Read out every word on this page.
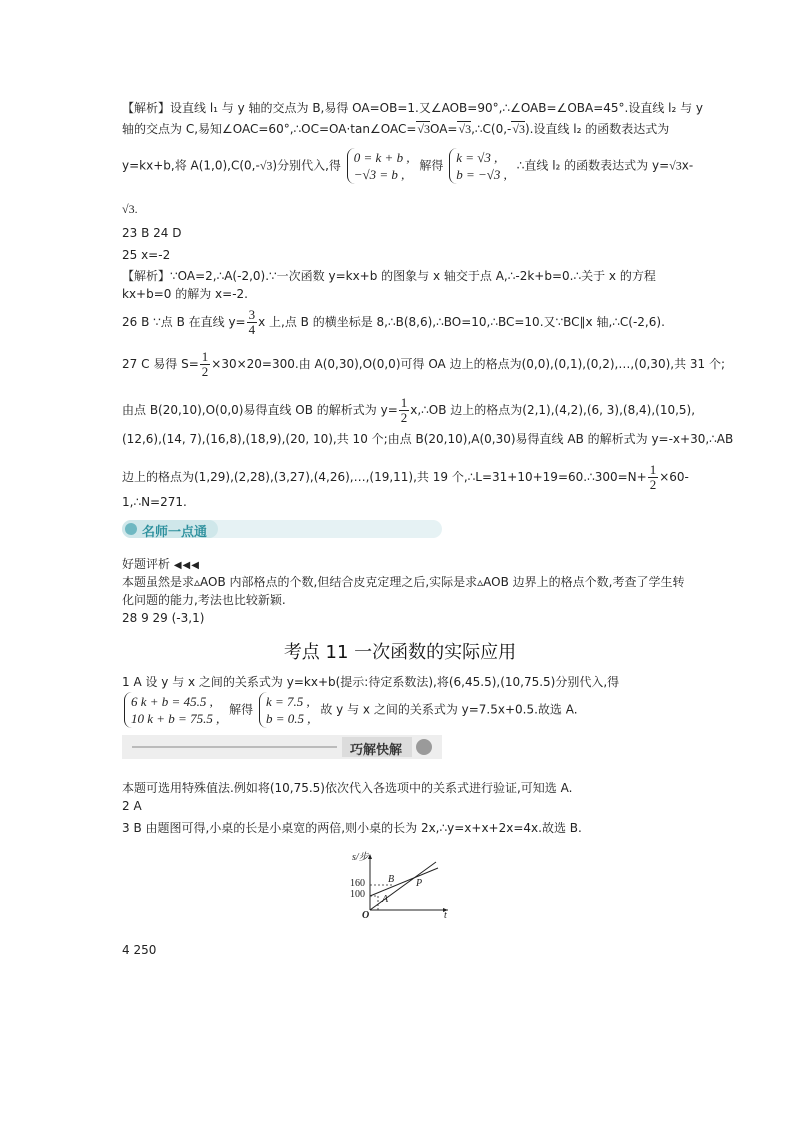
【解析】设直线 l₁ 与 y 轴的交点为 B,易得 OA=OB=1.又∠AOB=90°,∴∠OAB=∠OBA=45°.设直线 l₂ 与 y
轴的交点为 C,易知∠OAC=60°,∴OC=OA·tan∠OAC=√3OA=√3,∴C(0,-√3).设直线 l₂ 的函数表达式为
y=kx+b,将 A(1,0),C(0,-√3)分别代入,得
0 = k + b ,
−√3 = b ,
解得
k = √3 ,
b = −√3 ,
∴直线 l₂ 的函数表达式为 y=√3x-
√3.
23 B 24 D
25 x=-2
【解析】∵OA=2,∴A(-2,0).∵一次函数 y=kx+b 的图象与 x 轴交于点 A,∴-2k+b=0.∴关于 x 的方程
kx+b=0 的解为 x=-2.
26 B ∵点 B 在直线 $y= \frac{3}{4}$ x 上,点 B 的横坐标是 8,∴B(8,6),∴BO=10,∴BC=10.又∵BC∥x 轴,∴C(-2,6).
27 C 易得 $S= \frac{1}{2} \times 30\times 20=300$.由 A(0,30),O(0,0)可得 OA 边上的格点为(0,0),(0,1),(0,2),…,(0,30),共 31 个;
由点 B(20,10),O(0,0)易得直线 OB 的解析式为 $y= \frac{1}{2}$ x,∴OB 边上的格点为(2,1),(4,2),(6, 3),(8,4),(10,5),
(12,6),(14, 7),(16,8),(18,9),(20, 10),共 10 个;由点 B(20,10),A(0,30)易得直线 AB 的解析式为 y=-x+30,∴AB
边上的格点为(1,29),(2,28),(3,27),(4,26),…,(19,11),共 19 个,∴L=31+10+19=60.∴300=N+ $\frac{1}{2} \times 60-$
1,∴N=271.
名师一点通
好题评析 ◀◀◀
本题虽然是求▵AOB 内部格点的个数,但结合皮克定理之后,实际是求▵AOB 边界上的格点个数,考查了学生转
化问题的能力,考法也比较新颖.
28 9 29 (-3,1)
考点 11 一次函数的实际应用
1 A 设 y 与 x 之间的关系式为 y=kx+b(提示:待定系数法),将(6,45.5),(10,75.5)分别代入,得
6 k + b = 45.5 ,
10 k + b = 75.5 ,
解得
k = 7.5 ,
b = 0.5 ,
故 y 与 x 之间的关系式为 y=7.5x+0.5.故选 A.
巧解快解
本题可选用特殊值法.例如将(10,75.5)依次代入各选项中的关系式进行验证,可知选 A.
2 A
3 B 由题图可得,小桌的长是小桌宽的两倍,则小桌的长为 2x,∴y=x+x+2x=4x.故选 B.
s/步
t
160
100
O
B P
A
4 250
